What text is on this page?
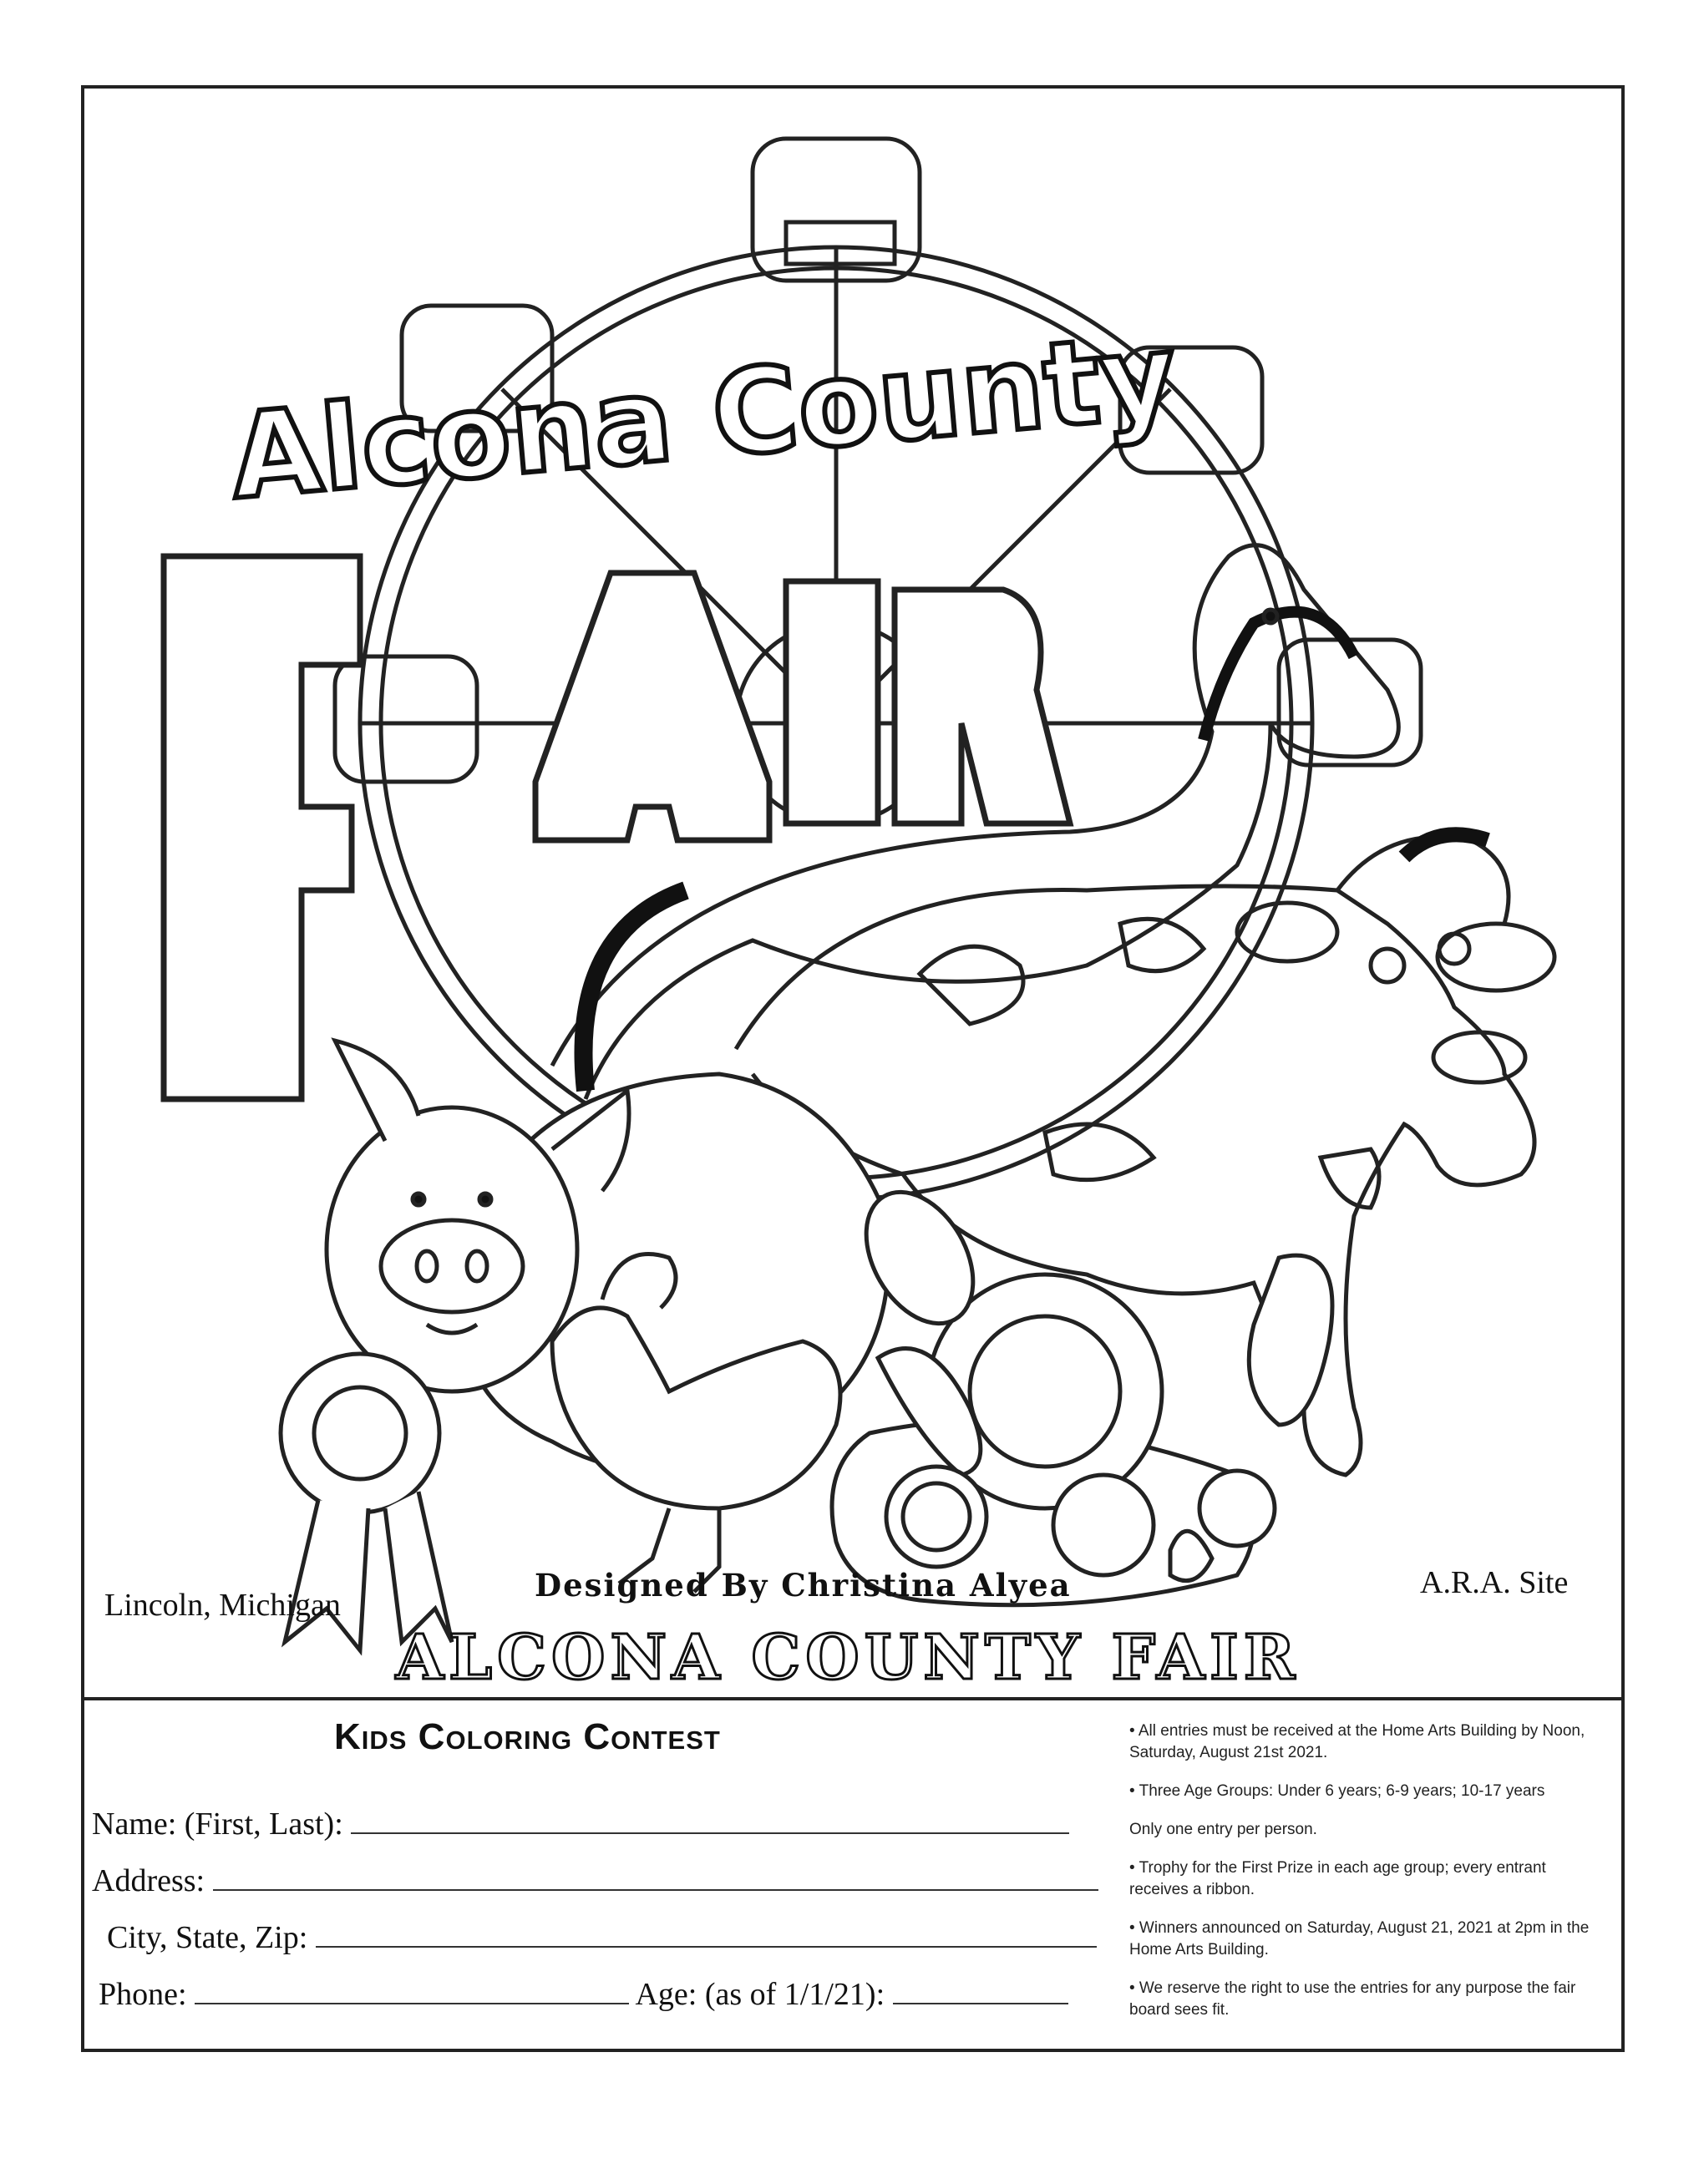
Alcona County
Designed By Christina Alyea
Lincoln, Michigan
A.R.A. Site
ALCONA COUNTY FAIR
Kids Coloring Contest
Name: (First, Last):
Address:
City, State, Zip:
Phone:	Age: (as of 1/1/21):
• All entries must be received at the Home Arts Building by Noon, Saturday, August 21st 2021.
• Three Age Groups: Under 6 years; 6-9 years; 10-17 years
Only one entry per person.
• Trophy for the First Prize in each age group; every entrant receives a ribbon.
• Winners announced on Saturday, August 21, 2021 at 2pm in the Home Arts Building.
• We reserve the right to use the entries for any purpose the fair board sees fit.
